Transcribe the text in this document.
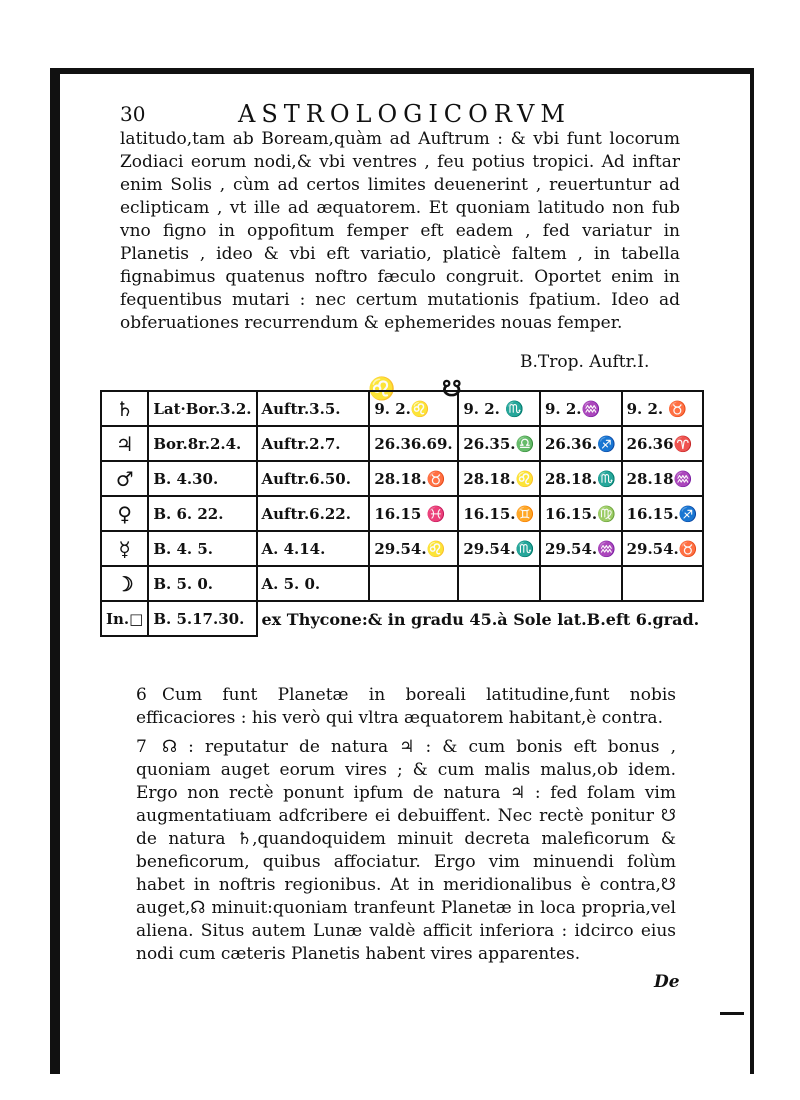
30	ASTROLOGICORVM

latitudo,tam ab Boream,quàm ad Auftrum : & vbi funt locorum Zodiaci eorum nodi,& vbi ventres , feu potius tropici. Ad inftar enim Solis , cùm ad certos limites deuenerint , reuertuntur ad eclipticam , vt ille ad æquatorem. Et quoniam latitudo non fub vno figno in oppofitum femper eft eadem , fed variatur in Planetis , ideo & vbi eft variatio, platicè faltem , in tabella fignabimus quatenus noftro fæculo congruit. Oportet enim in fequentibus mutari : nec certum mutationis fpatium. Ideo ad obferuationes recurrendum & ephemerides nouas femper.

B.Trop. Auftr.I.
♌ ☋
♄	Lat·Bor.3.2.	Auftr.3.5.	9. 2.♌	9. 2. ♏	9. 2.♒	9. 2. ♉
♃	Bor.8r.2.4.	Auftr.2.7.	26.36.69.	26.35.♎	26.36.♐	26.36♈
♂	B. 4.30.	Auftr.6.50.	28.18.♉	28.18.♌	28.18.♏	28.18♒
♀	B. 6. 22.	Auftr.6.22.	16.15 ♓	16.15.♊	16.15.♍	16.15.♐
☿	B. 4. 5.	A. 4.14.	29.54.♌	29.54.♏	29.54.♒	29.54.♉
☽	B. 5. 0.	A. 5. 0.				
In.□	B. 5.17.30.	ex Thycone:& in gradu 45.à Sole lat.B.eft 6.grad.				

6 Cum funt Planetæ in boreali latitudine,funt nobis efficaciores : his verò qui vltra æquatorem habitant,è contra.

7 ☊ : reputatur de natura ♃ : & cum bonis eft bonus , quoniam auget eorum vires ; & cum malis malus,ob idem. Ergo non rectè ponunt ipfum de natura ♃ : fed folam vim augmentatiuam adfcribere ei debuiffent. Nec rectè ponitur ☋ de natura ♄,quandoquidem minuit decreta maleficorum & beneficorum, quibus affociatur. Ergo vim minuendi folùm habet in noftris regionibus. At in meridionalibus è contra,☋ auget,☊ minuit:quoniam tranfeunt Planetæ in loca propria,vel aliena. Situs autem Lunæ valdè afficit inferiora : idcirco eius nodi cum cæteris Planetis habent vires apparentes.

De
